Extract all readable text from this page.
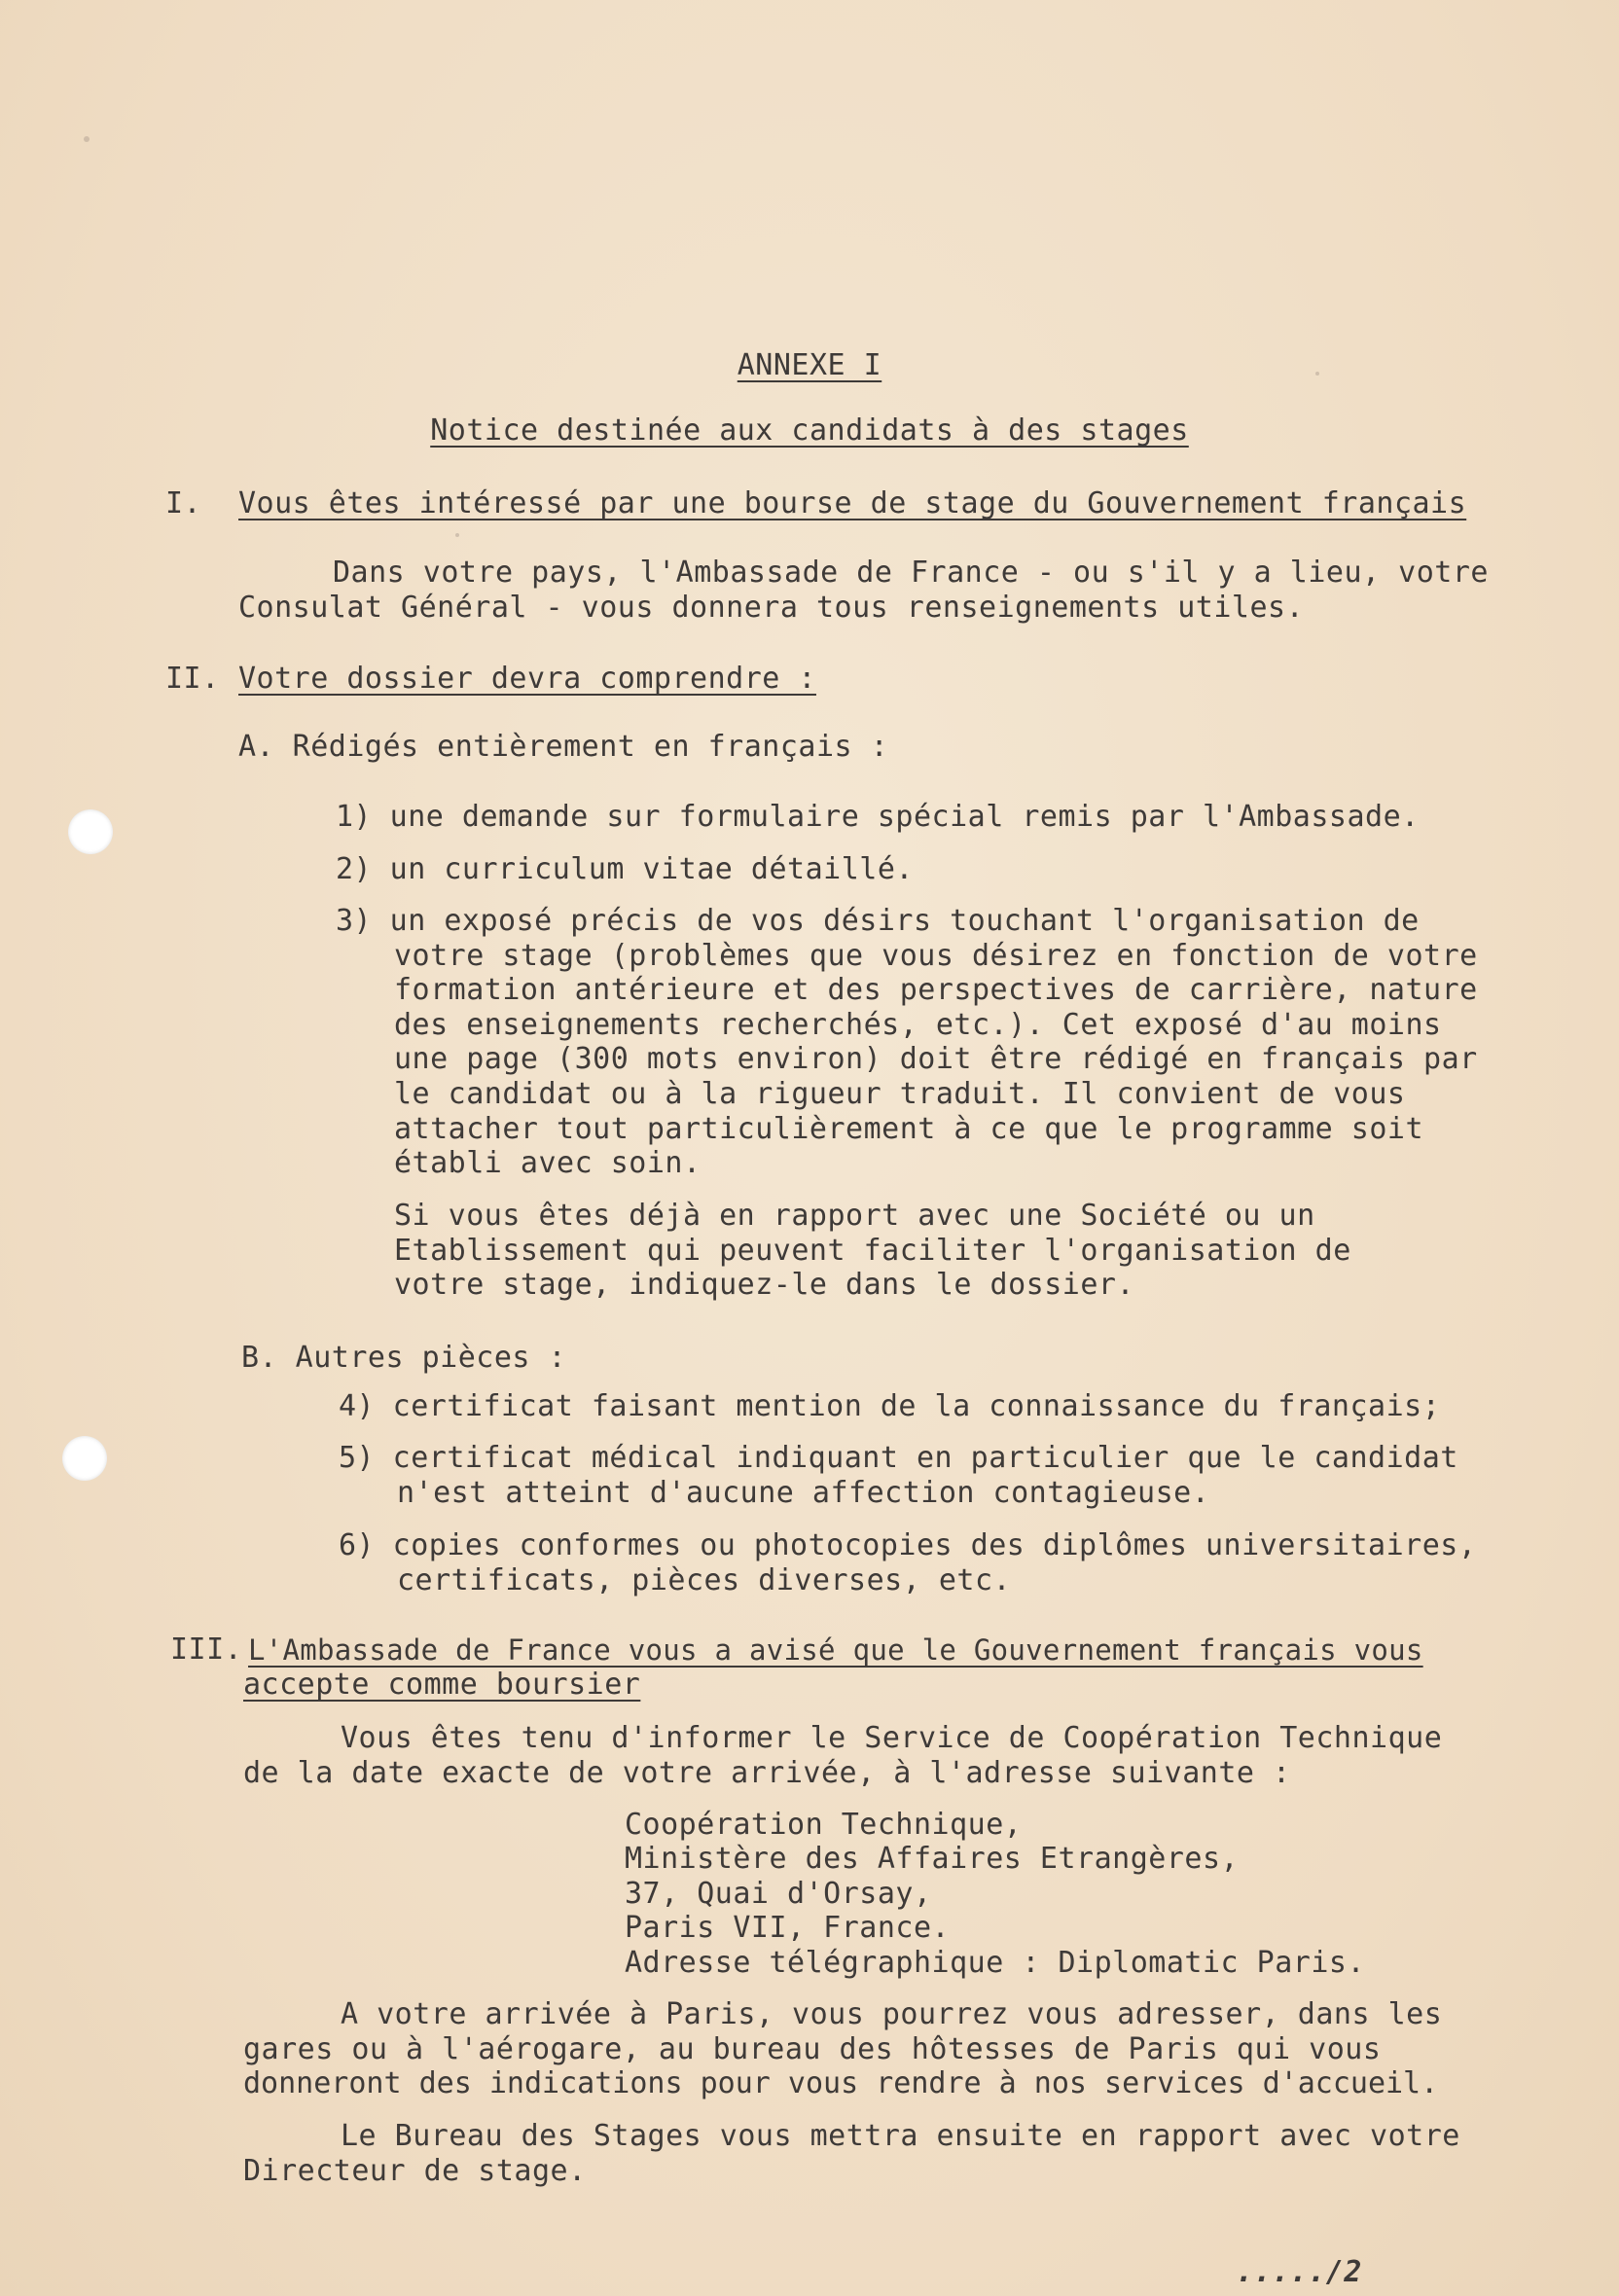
ANNEXE I
Notice destinée aux candidats à des stages
I. Vous êtes intéressé par une bourse de stage du Gouvernement français
Dans votre pays, l'Ambassade de France - ou s'il y a lieu, votre
Consulat Général - vous donnera tous renseignements utiles.
II. Votre dossier devra comprendre :
A. Rédigés entièrement en français :
1) une demande sur formulaire spécial remis par l'Ambassade.
2) un curriculum vitae détaillé.
3) un exposé précis de vos désirs touchant l'organisation de
votre stage (problèmes que vous désirez en fonction de votre
formation antérieure et des perspectives de carrière, nature
des enseignements recherchés, etc.). Cet exposé d'au moins
une page (300 mots environ) doit être rédigé en français par
le candidat ou à la rigueur traduit. Il convient de vous
attacher tout particulièrement à ce que le programme soit
établi avec soin.
Si vous êtes déjà en rapport avec une Société ou un
Etablissement qui peuvent faciliter l'organisation de
votre stage, indiquez-le dans le dossier.
B. Autres pièces :
4) certificat faisant mention de la connaissance du français;
5) certificat médical indiquant en particulier que le candidat
n'est atteint d'aucune affection contagieuse.
6) copies conformes ou photocopies des diplômes universitaires,
certificats, pièces diverses, etc.
III. L'Ambassade de France vous a avisé que le Gouvernement français vous
accepte comme boursier
Vous êtes tenu d'informer le Service de Coopération Technique
de la date exacte de votre arrivée, à l'adresse suivante :
Coopération Technique,
Ministère des Affaires Etrangères,
37, Quai d'Orsay,
Paris VII, France.
Adresse télégraphique : Diplomatic Paris.
A votre arrivée à Paris, vous pourrez vous adresser, dans les
gares ou à l'aérogare, au bureau des hôtesses de Paris qui vous
donneront des indications pour vous rendre à nos services d'accueil.
Le Bureau des Stages vous mettra ensuite en rapport avec votre
Directeur de stage.
...../2
